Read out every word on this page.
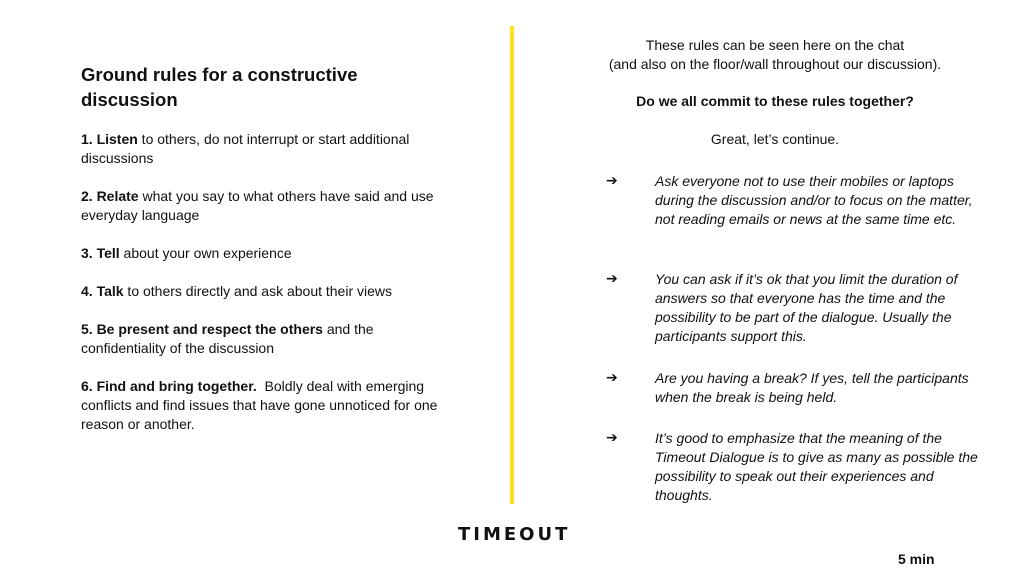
Ground rules for a constructive discussion
1. Listen to others, do not interrupt or start additional discussions
2. Relate what you say to what others have said and use everyday language
3. Tell about your own experience
4. Talk to others directly and ask about their views
5. Be present and respect the others and the confidentiality of the discussion
6. Find and bring together.  Boldly deal with emerging conflicts and find issues that have gone unnoticed for one reason or another.
These rules can be seen here on the chat
(and also on the floor/wall throughout our discussion).
Do we all commit to these rules together?
Great, let’s continue.
➔	Ask everyone not to use their mobiles or laptops during the discussion and/or to focus on the matter, not reading emails or news at the same time etc.
➔	You can ask if it’s ok that you limit the duration of answers so that everyone has the time and the possibility to be part of the dialogue. Usually the participants support this.
➔	Are you having a break? If yes, tell the participants when the break is being held.
➔	It’s good to emphasize that the meaning of the Timeout Dialogue is to give as many as possible the possibility to speak out their experiences and thoughts.
TIMEOUT
5 min
